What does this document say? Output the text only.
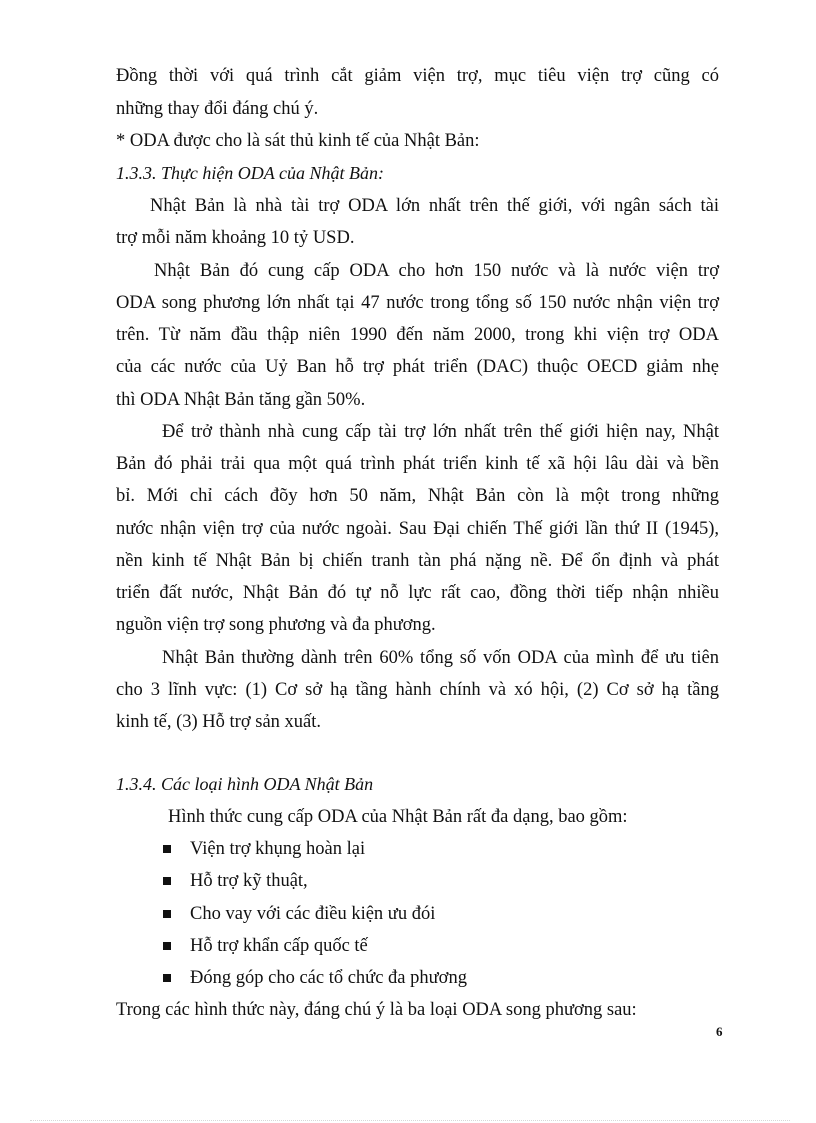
Đồng thời với quá trình cắt giảm viện trợ, mục tiêu viện trợ cũng có
những thay đổi đáng chú ý.
* ODA được cho là sát thủ kinh tế của Nhật Bản:
1.3.3. Thực hiện ODA của Nhật Bản:
Nhật Bản là nhà tài trợ ODA lớn nhất trên thế giới, với ngân sách tài
trợ mỗi năm khoảng 10 tỷ USD.
Nhật Bản đó cung cấp ODA cho hơn 150 nước và là nước viện trợ
ODA song phương lớn nhất tại 47 nước trong tổng số 150 nước nhận viện trợ
trên. Từ năm đầu thập niên 1990 đến năm 2000, trong khi viện trợ ODA
của các nước của Uỷ Ban hỗ trợ phát triển (DAC) thuộc OECD giảm nhẹ
thì ODA Nhật Bản tăng gần 50%.
Để trở thành nhà cung cấp tài trợ lớn nhất trên thế giới hiện nay, Nhật
Bản đó phải trải qua một quá trình phát triển kinh tế xã hội lâu dài và bền
bỉ. Mới chỉ cách đõy hơn 50 năm, Nhật Bản còn là một trong những
nước nhận viện trợ của nước ngoài. Sau Đại chiến Thế giới lần thứ II (1945),
nền kinh tế Nhật Bản bị chiến tranh tàn phá nặng nề. Để ổn định và phát
triển đất nước, Nhật Bản đó tự nỗ lực rất cao, đồng thời tiếp nhận nhiều
nguồn viện trợ song phương và đa phương.
Nhật Bản thường dành trên 60% tổng số vốn ODA của mình để ưu tiên
cho 3 lĩnh vực: (1) Cơ sở hạ tầng hành chính và xó hội, (2) Cơ sở hạ tầng
kinh tế, (3) Hỗ trợ sản xuất.
1.3.4. Các loại hình ODA Nhật Bản
Hình thức cung cấp ODA của Nhật Bản rất đa dạng, bao gồm:
Viện trợ khụng hoàn lại
Hỗ trợ kỹ thuật,
Cho vay với các điều kiện ưu đói
Hỗ trợ khẩn cấp quốc tế
Đóng góp cho các tổ chức đa phương
Trong các hình thức này, đáng chú ý là ba loại ODA song phương sau:
6
